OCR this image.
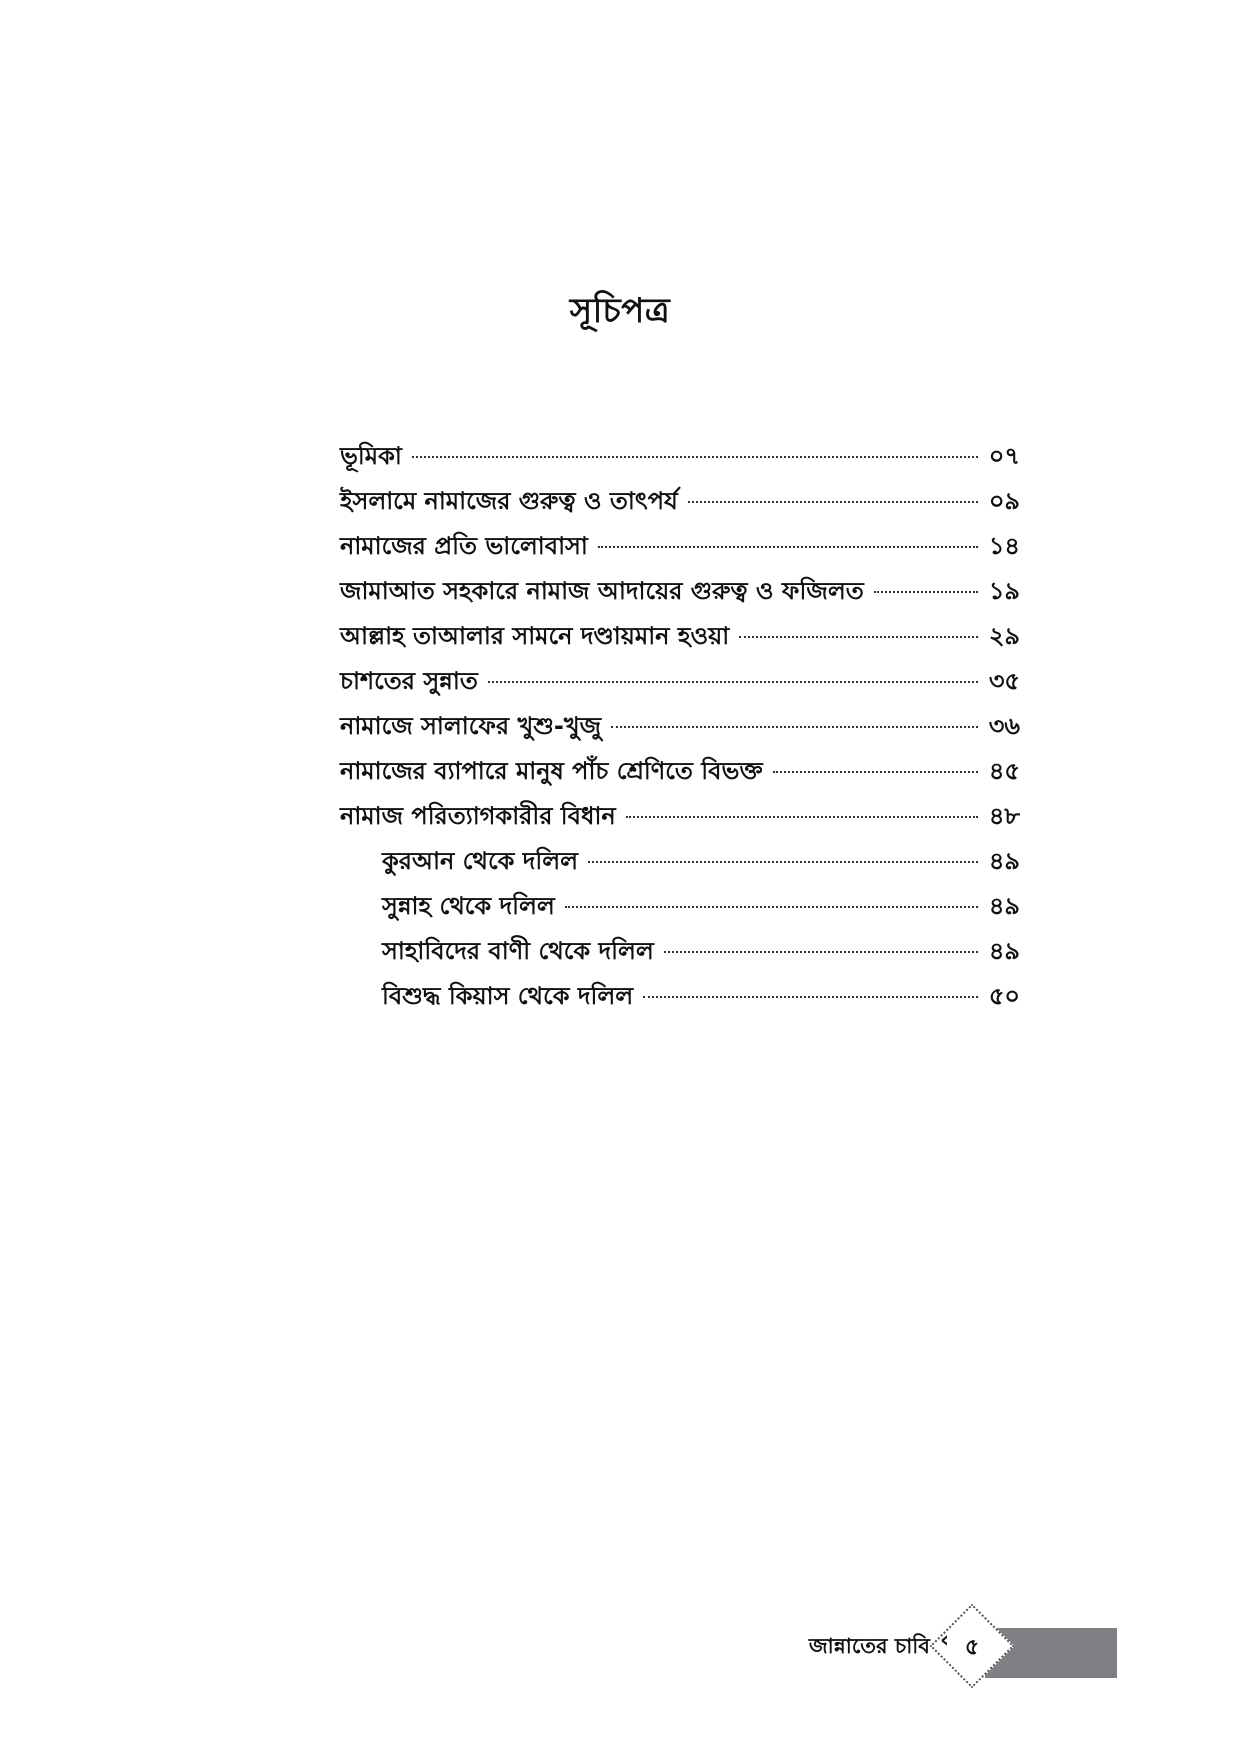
সূচিপত্র
ভূমিকা	০৭
ইসলামে নামাজের গুরুত্ব ও তাৎপর্য	০৯
নামাজের প্রতি ভালোবাসা	১৪
জামাআত সহকারে নামাজ আদায়ের গুরুত্ব ও ফজিলত	১৯
আল্লাহ তাআলার সামনে দণ্ডায়মান হওয়া	২৯
চাশতের সুন্নাত	৩৫
নামাজে সালাফের খুশু-খুজু	৩৬
নামাজের ব্যাপারে মানুষ পাঁচ শ্রেণিতে বিভক্ত	৪৫
নামাজ পরিত্যাগকারীর বিধান	৪৮
কুরআন থেকে দলিল	৪৯
সুন্নাহ থেকে দলিল	৪৯
সাহাবিদের বাণী থেকে দলিল	৪৯
বিশুদ্ধ কিয়াস থেকে দলিল	৫০
‹ ৫
জান্নাতের চাবি
